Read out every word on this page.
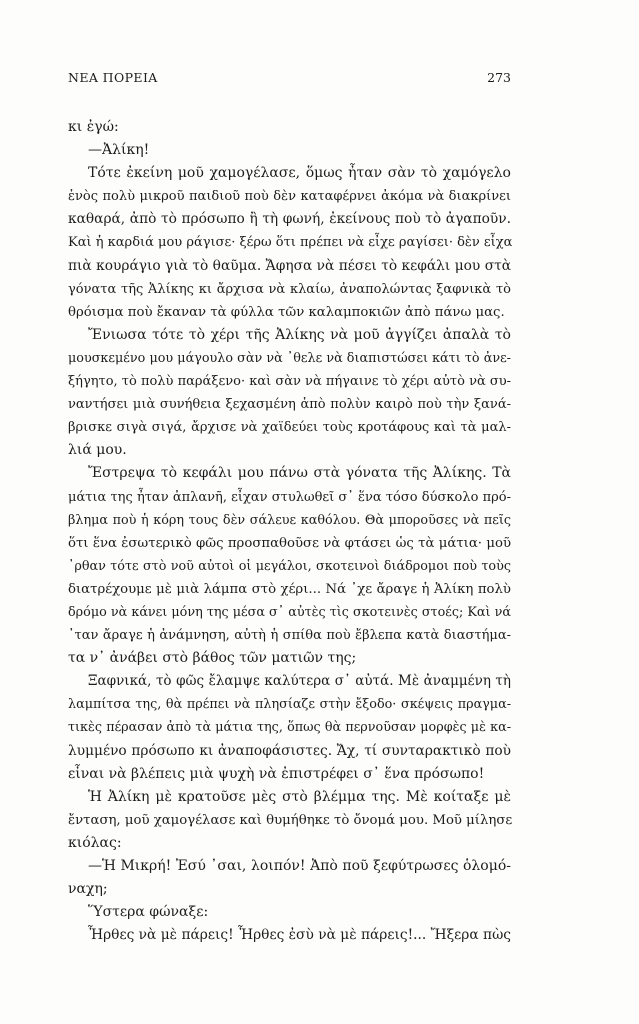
ΝΕΑ ΠΟΡΕΙΑ	273
κι ἐγώ:
—Ἀλίκη!
Τότε ἐκείνη μοῦ χαμογέλασε, ὅμως ἦταν σὰν τὸ χαμόγελο
ἑνὸς πολὺ μικροῦ παιδιοῦ ποὺ δὲν καταφέρνει ἀκόμα νὰ διακρίνει
καθαρά, ἀπὸ τὸ πρόσωπο ἢ τὴ φωνή, ἐκείνους ποὺ τὸ ἀγαποῦν.
Καὶ ἡ καρδιά μου ράγισε· ξέρω ὅτι πρέπει νὰ εἶχε ραγίσει· δὲν εἶχα
πιὰ κουράγιο γιὰ τὸ θαῦμα. Ἄφησα νὰ πέσει τὸ κεφάλι μου στὰ
γόνατα τῆς Ἀλίκης κι ἄρχισα νὰ κλαίω, ἀναπολώντας ξαφνικὰ τὸ
θρόισμα ποὺ ἔκαναν τὰ φύλλα τῶν καλαμποκιῶν ἀπὸ πάνω μας.
Ἔνιωσα τότε τὸ χέρι τῆς Ἀλίκης νὰ μοῦ ἀγγίζει ἀπαλὰ τὸ
μουσκεμένο μου μάγουλο σὰν νὰ ᾽θελε νὰ διαπιστώσει κάτι τὸ ἀνε-
ξήγητο, τὸ πολὺ παράξενο· καὶ σὰν νὰ πήγαινε τὸ χέρι αὐτὸ νὰ συ-
ναντήσει μιὰ συνήθεια ξεχασμένη ἀπὸ πολὺν καιρὸ ποὺ τὴν ξανά-
βρισκε σιγὰ σιγά, ἄρχισε νὰ χαϊδεύει τοὺς κροτάφους καὶ τὰ μαλ-
λιά μου.
Ἔστρεψα τὸ κεφάλι μου πάνω στὰ γόνατα τῆς Ἀλίκης. Τὰ
μάτια της ἦταν ἀπλανῆ, εἶχαν στυλωθεῖ σ᾽ ἕνα τόσο δύσκολο πρό-
βλημα ποὺ ἡ κόρη τους δὲν σάλευε καθόλου. Θὰ μποροῦσες νὰ πεῖς
ὅτι ἕνα ἐσωτερικὸ φῶς προσπαθοῦσε νὰ φτάσει ὡς τὰ μάτια· μοῦ
᾽ρθαν τότε στὸ νοῦ αὐτοὶ οἱ μεγάλοι, σκοτεινοὶ διάδρομοι ποὺ τοὺς
διατρέχουμε μὲ μιὰ λάμπα στὸ χέρι... Νά ᾽χε ἄραγε ἡ Ἀλίκη πολὺ
δρόμο νὰ κάνει μόνη της μέσα σ᾽ αὐτὲς τὶς σκοτεινὲς στοές; Καὶ νά
᾽ταν ἄραγε ἡ ἀνάμνηση, αὐτὴ ἡ σπίθα ποὺ ἔβλεπα κατὰ διαστήμα-
τα ν᾽ ἀνάβει στὸ βάθος τῶν ματιῶν της;
Ξαφνικά, τὸ φῶς ἔλαμψε καλύτερα σ᾽ αὐτά. Μὲ ἀναμμένη τὴ
λαμπίτσα της, θὰ πρέπει νὰ πλησίαζε στὴν ἔξοδο· σκέψεις πραγμα-
τικὲς πέρασαν ἀπὸ τὰ μάτια της, ὅπως θὰ περνοῦσαν μορφὲς μὲ κα-
λυμμένο πρόσωπο κι ἀναποφάσιστες. Ἄχ, τί συνταρακτικὸ ποὺ
εἶναι νὰ βλέπεις μιὰ ψυχὴ νὰ ἐπιστρέφει σ᾽ ἕνα πρόσωπο!
Ἡ Ἀλίκη μὲ κρατοῦσε μὲς στὸ βλέμμα της. Μὲ κοίταξε μὲ
ἔνταση, μοῦ χαμογέλασε καὶ θυμήθηκε τὸ ὄνομά μου. Μοῦ μίλησε
κιόλας:
—Ἡ Μικρή! Ἐσύ ᾽σαι, λοιπόν! Ἀπὸ ποῦ ξεφύτρωσες ὁλομό-
ναχη;
Ὕστερα φώναξε:
Ἦρθες νὰ μὲ πάρεις! Ἦρθες ἐσὺ νὰ μὲ πάρεις!... Ἤξερα πὼς
